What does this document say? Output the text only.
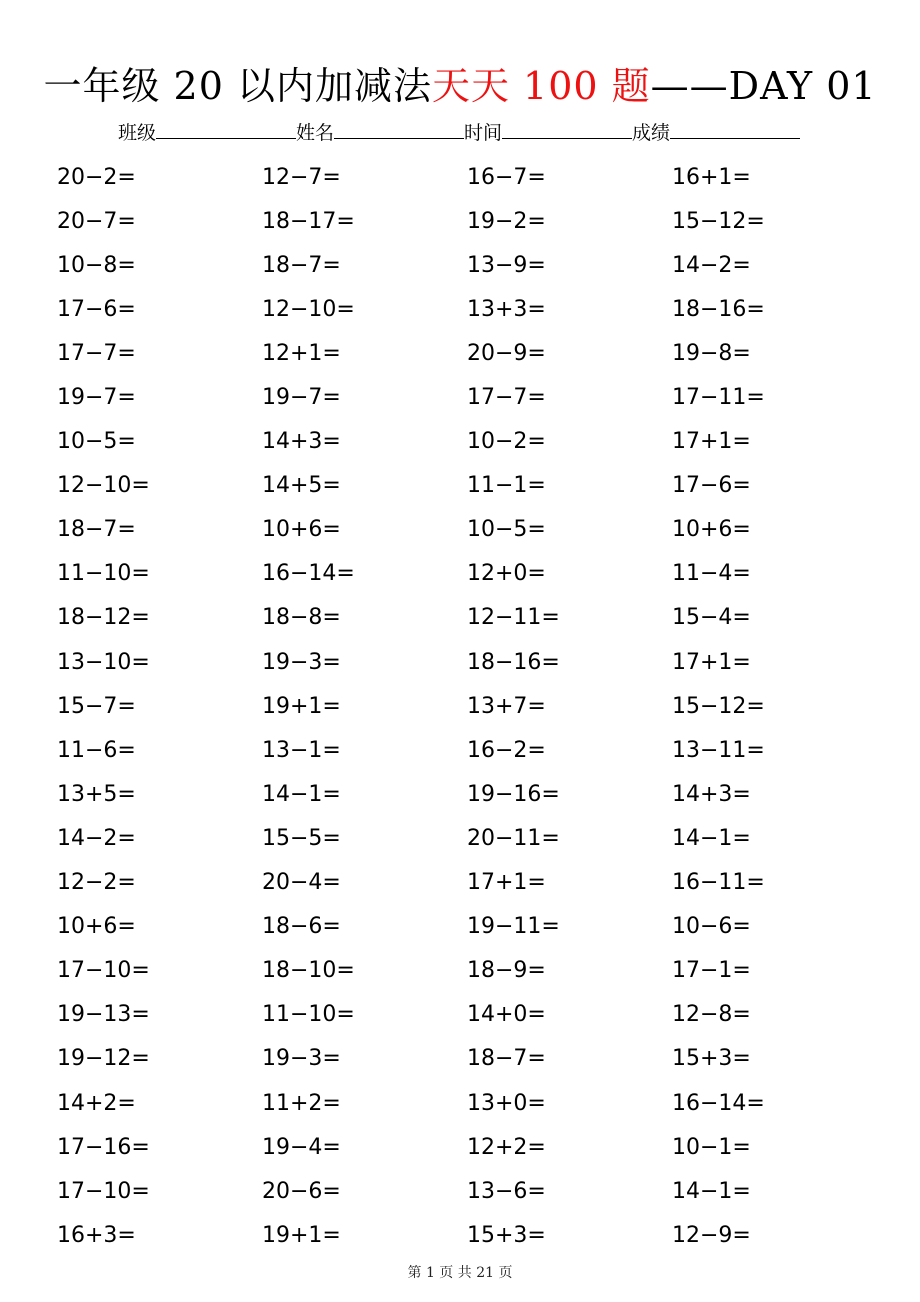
一年级 20 以内加减法天天 100 题——DAY 01
班级	姓名	时间	成绩
20−2=	12−7=	16−7=	16+1=
20−7=	18−17=	19−2=	15−12=
10−8=	18−7=	13−9=	14−2=
17−6=	12−10=	13+3=	18−16=
17−7=	12+1=	20−9=	19−8=
19−7=	19−7=	17−7=	17−11=
10−5=	14+3=	10−2=	17+1=
12−10=	14+5=	11−1=	17−6=
18−7=	10+6=	10−5=	10+6=
11−10=	16−14=	12+0=	11−4=
18−12=	18−8=	12−11=	15−4=
13−10=	19−3=	18−16=	17+1=
15−7=	19+1=	13+7=	15−12=
11−6=	13−1=	16−2=	13−11=
13+5=	14−1=	19−16=	14+3=
14−2=	15−5=	20−11=	14−1=
12−2=	20−4=	17+1=	16−11=
10+6=	18−6=	19−11=	10−6=
17−10=	18−10=	18−9=	17−1=
19−13=	11−10=	14+0=	12−8=
19−12=	19−3=	18−7=	15+3=
14+2=	11+2=	13+0=	16−14=
17−16=	19−4=	12+2=	10−1=
17−10=	20−6=	13−6=	14−1=
16+3=	19+1=	15+3=	12−9=
第 1 页 共 21 页
